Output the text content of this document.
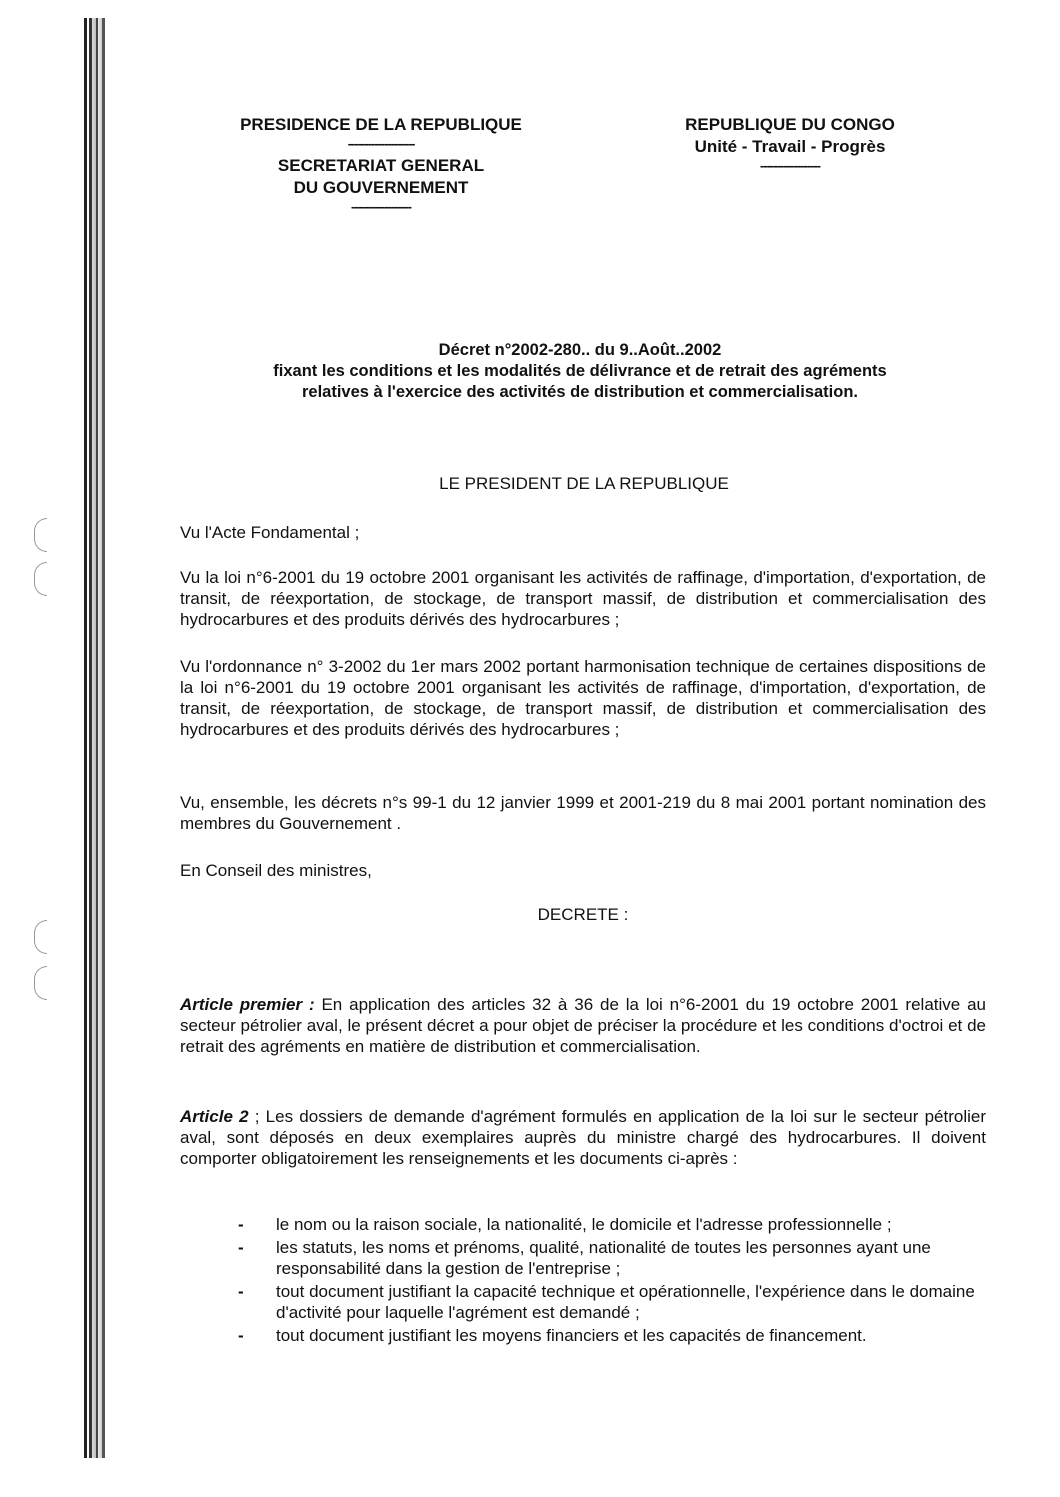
PRESIDENCE DE LA REPUBLIQUE
--------------------
SECRETARIAT GENERAL
DU GOUVERNEMENT
------------------
REPUBLIQUE DU CONGO
Unité - Travail - Progrès
------------------
Décret n°2002-280.. du 9..Août..2002
fixant les conditions et les modalités de délivrance et de retrait des agréments
relatives à l'exercice des activités de distribution et commercialisation.
LE PRESIDENT DE LA REPUBLIQUE
Vu l'Acte Fondamental ;
Vu la loi n°6-2001 du 19 octobre 2001 organisant les activités de raffinage, d'importation, d'exportation, de transit, de réexportation, de stockage, de transport massif, de distribution et commercialisation des hydrocarbures et des produits dérivés des hydrocarbures ;
Vu l'ordonnance n° 3-2002 du 1er mars 2002 portant harmonisation technique de certaines dispositions de la loi n°6-2001 du 19 octobre 2001 organisant les activités de raffinage, d'importation, d'exportation, de transit, de réexportation, de stockage, de transport massif, de distribution et commercialisation des hydrocarbures et des produits dérivés des hydrocarbures ;
Vu, ensemble, les décrets n°s 99-1 du 12 janvier 1999 et 2001-219 du 8 mai 2001 portant nomination des membres du Gouvernement .
En Conseil des ministres,
DECRETE :
Article premier : En application des articles 32 à 36 de la loi n°6-2001 du 19 octobre 2001 relative au secteur pétrolier aval, le présent décret a pour objet de préciser la procédure et les conditions d'octroi et de retrait des agréments en matière de distribution et commercialisation.
Article 2 ; Les dossiers de demande d'agrément formulés en application de la loi sur le secteur pétrolier aval, sont déposés en deux exemplaires auprès du ministre chargé des hydrocarbures. Il doivent comporter obligatoirement les renseignements et les documents ci-après :
- le nom ou la raison sociale, la nationalité, le domicile et l'adresse professionnelle ;
- les statuts, les noms et prénoms, qualité, nationalité de toutes les personnes ayant une responsabilité dans la gestion de l'entreprise ;
- tout document justifiant la capacité technique et opérationnelle, l'expérience dans le domaine d'activité pour laquelle l'agrément est demandé ;
- tout document justifiant les moyens financiers et les capacités de financement.
